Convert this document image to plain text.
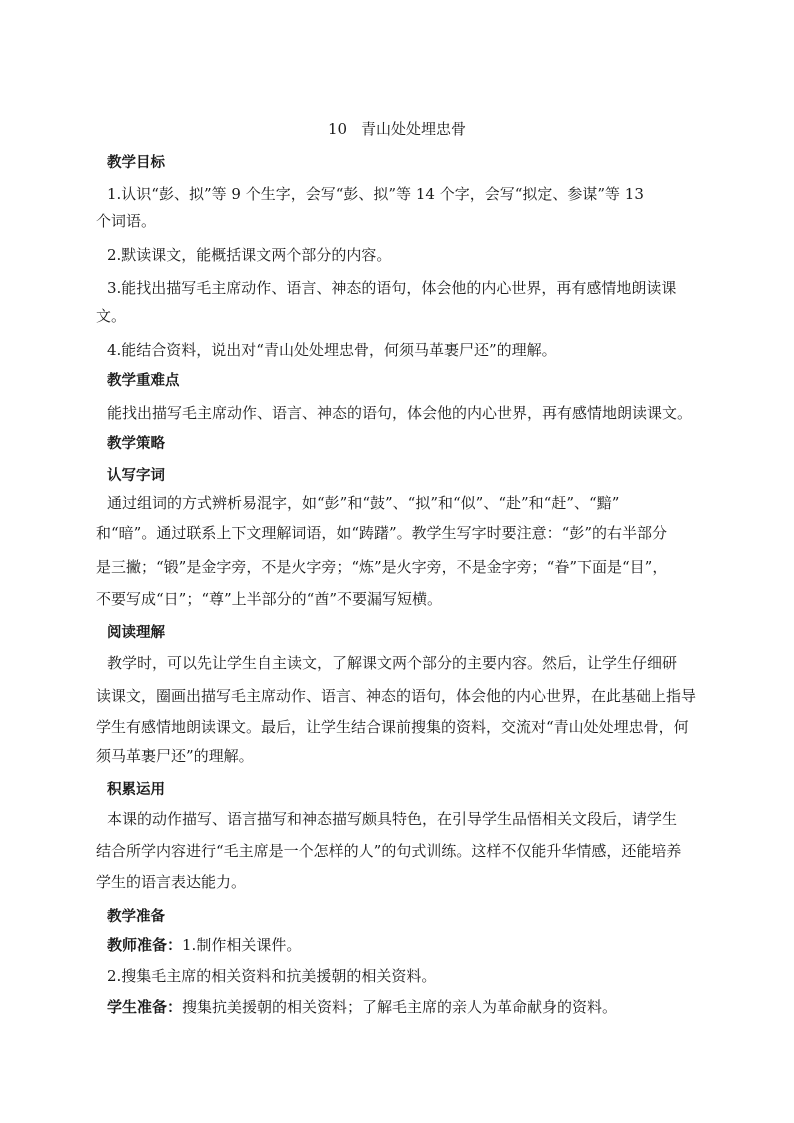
10 青山处处埋忠骨
教学目标
1.认识“彭、拟”等 9 个生字，会写“彭、拟”等 14 个字，会写“拟定、参谋”等 13
个词语。
2.默读课文，能概括课文两个部分的内容。
3.能找出描写毛主席动作、语言、神态的语句，体会他的内心世界，再有感情地朗读课
文。
4.能结合资料，说出对“青山处处埋忠骨，何须马革裹尸还”的理解。
教学重难点
能找出描写毛主席动作、语言、神态的语句，体会他的内心世界，再有感情地朗读课文。
教学策略
认写字词
通过组词的方式辨析易混字，如“彭”和“鼓”、“拟”和“似”、“赴”和“赶”、“黯”
和“暗”。通过联系上下文理解词语，如“踌躇”。教学生写字时要注意：“彭”的右半部分
是三撇；“锻”是金字旁，不是火字旁；“炼”是火字旁，不是金字旁；“眷”下面是“目”，
不要写成“日”；“尊”上半部分的“酋”不要漏写短横。
阅读理解
教学时，可以先让学生自主读文，了解课文两个部分的主要内容。然后，让学生仔细研
读课文，圈画出描写毛主席动作、语言、神态的语句，体会他的内心世界，在此基础上指导
学生有感情地朗读课文。最后，让学生结合课前搜集的资料，交流对“青山处处埋忠骨，何
须马革裹尸还”的理解。
积累运用
本课的动作描写、语言描写和神态描写颇具特色，在引导学生品悟相关文段后，请学生
结合所学内容进行“毛主席是一个怎样的人”的句式训练。这样不仅能升华情感，还能培养
学生的语言表达能力。
教学准备
教师准备：1.制作相关课件。
2.搜集毛主席的相关资料和抗美援朝的相关资料。
学生准备：搜集抗美援朝的相关资料；了解毛主席的亲人为革命献身的资料。
